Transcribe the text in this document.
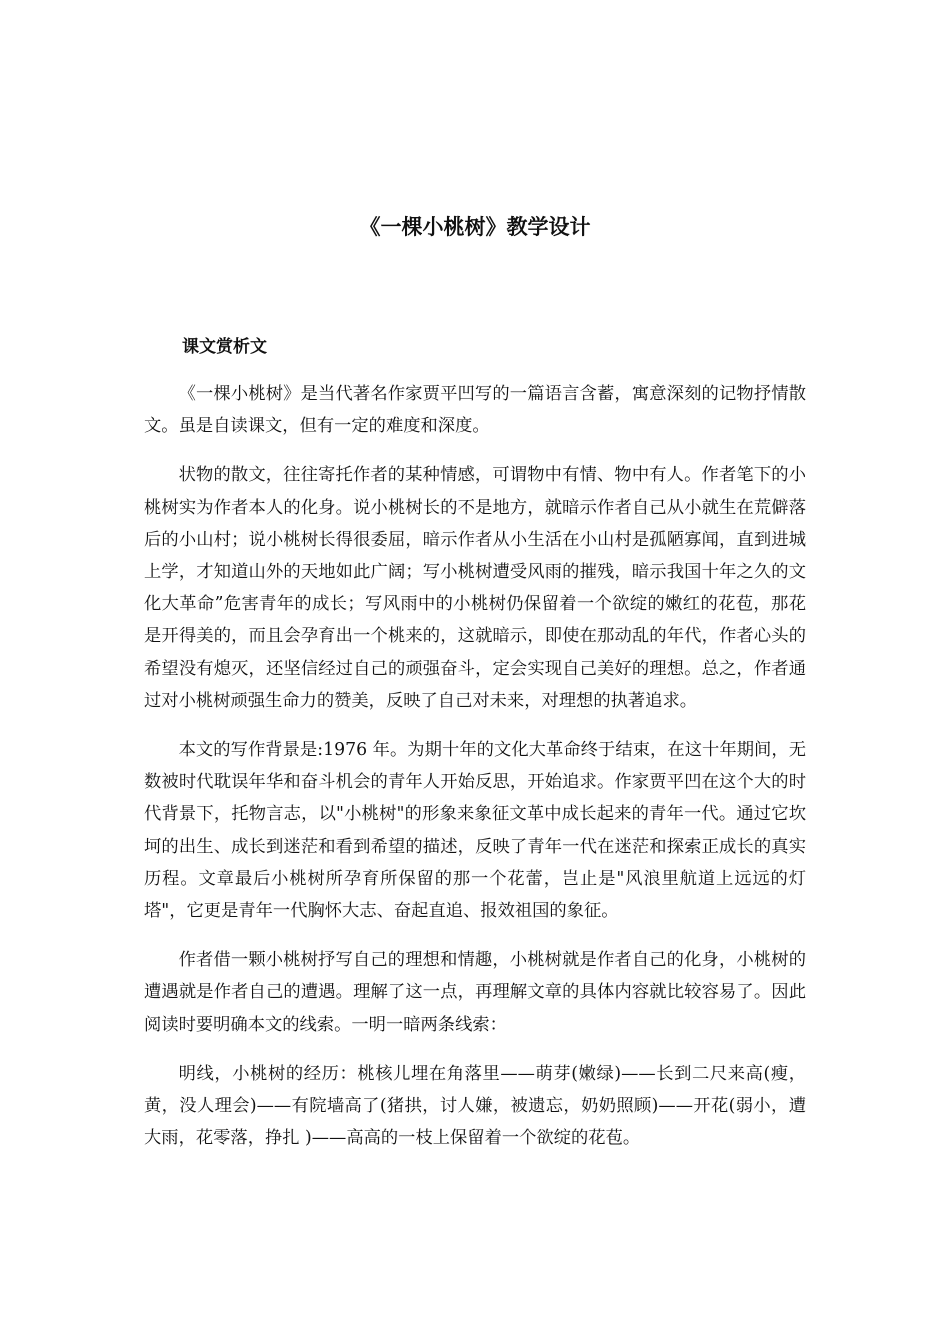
《一棵小桃树》教学设计
课文赏析文

《一棵小桃树》是当代著名作家贾平凹写的一篇语言含蓄，寓意深刻的记物抒情散文。虽是自读课文，但有一定的难度和深度。

状物的散文，往往寄托作者的某种情感，可谓物中有情、物中有人。作者笔下的小桃树实为作者本人的化身。说小桃树长的不是地方，就暗示作者自己从小就生在荒僻落后的小山村；说小桃树长得很委屈，暗示作者从小生活在小山村是孤陋寡闻，直到进城上学，才知道山外的天地如此广阔；写小桃树遭受风雨的摧残，暗示我国十年之久的文化大革命”危害青年的成长；写风雨中的小桃树仍保留着一个欲绽的嫩红的花苞，那花是开得美的，而且会孕育出一个桃来的，这就暗示，即使在那动乱的年代，作者心头的希望没有熄灭，还坚信经过自己的顽强奋斗，定会实现自己美好的理想。总之，作者通过对小桃树顽强生命力的赞美，反映了自己对未来，对理想的执著追求。

本文的写作背景是:1976 年。为期十年的文化大革命终于结束，在这十年期间，无数被时代耽误年华和奋斗机会的青年人开始反思，开始追求。作家贾平凹在这个大的时代背景下，托物言志，以"小桃树"的形象来象征文革中成长起来的青年一代。通过它坎坷的出生、成长到迷茫和看到希望的描述，反映了青年一代在迷茫和探索正成长的真实历程。文章最后小桃树所孕育所保留的那一个花蕾，岂止是"风浪里航道上远远的灯塔"，它更是青年一代胸怀大志、奋起直追、报效祖国的象征。

作者借一颗小桃树抒写自己的理想和情趣，小桃树就是作者自己的化身，小桃树的遭遇就是作者自己的遭遇。理解了这一点，再理解文章的具体内容就比较容易了。因此阅读时要明确本文的线索。一明一暗两条线索：

明线，小桃树的经历：桃核儿埋在角落里——萌芽(嫩绿)——长到二尺来高(瘦，黄，没人理会)——有院墙高了(猪拱，讨人嫌，被遗忘，奶奶照顾)——开花(弱小，遭大雨，花零落，挣扎 )——高高的一枝上保留着一个欲绽的花苞。
